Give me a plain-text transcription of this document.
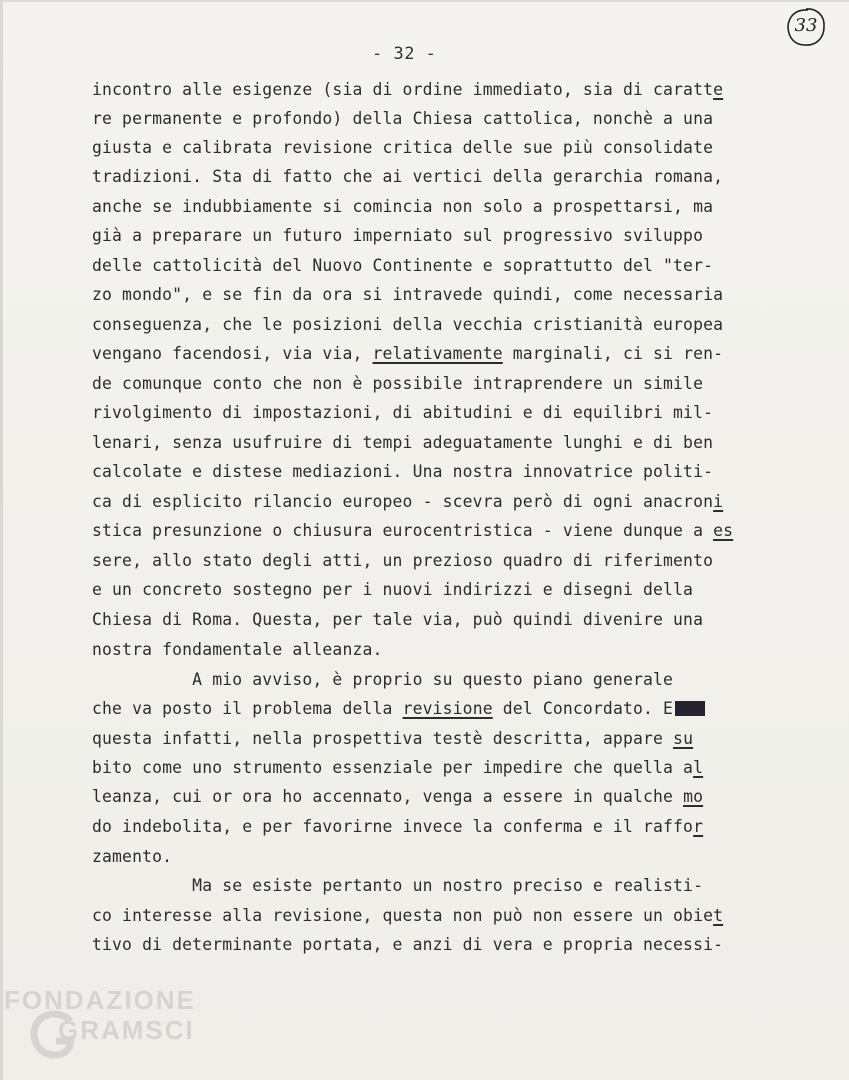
- 32 -
33
incontro alle esigenze (sia di ordine immediato, sia di caratte
re permanente e profondo) della Chiesa cattolica, nonchè a una
giusta e calibrata revisione critica delle sue più consolidate
tradizioni. Sta di fatto che ai vertici della gerarchia romana,
anche se indubbiamente si comincia non solo a prospettarsi, ma
già a preparare un futuro imperniato sul progressivo sviluppo
delle cattolicità del Nuovo Continente e soprattutto del "ter-
zo mondo", e se fin da ora si intravede quindi, come necessaria
conseguenza, che le posizioni della vecchia cristianità europea
vengano facendosi, via via, relativamente marginali, ci si ren-
de comunque conto che non è possibile intraprendere un simile
rivolgimento di impostazioni, di abitudini e di equilibri mil-
lenari, senza usufruire di tempi adeguatamente lunghi e di ben
calcolate e distese mediazioni. Una nostra innovatrice politi-
ca di esplicito rilancio europeo - scevra però di ogni anacroni
stica presunzione o chiusura eurocentristica - viene dunque a es
sere, allo stato degli atti, un prezioso quadro di riferimento
e un concreto sostegno per i nuovi indirizzi e disegni della
Chiesa di Roma. Questa, per tale via, può quindi divenire una
nostra fondamentale alleanza.
A mio avviso, è proprio su questo piano generale
che va posto il problema della revisione del Concordato. E
questa infatti, nella prospettiva testè descritta, appare su
bito come uno strumento essenziale per impedire che quella al
leanza, cui or ora ho accennato, venga a essere in qualche mo
do indebolita, e per favorirne invece la conferma e il raffor
zamento.
Ma se esiste pertanto un nostro preciso e realisti-
co interesse alla revisione, questa non può non essere un obiet
tivo di determinante portata, e anzi di vera e propria necessi-
FONDAZIONE
GRAMSCI
